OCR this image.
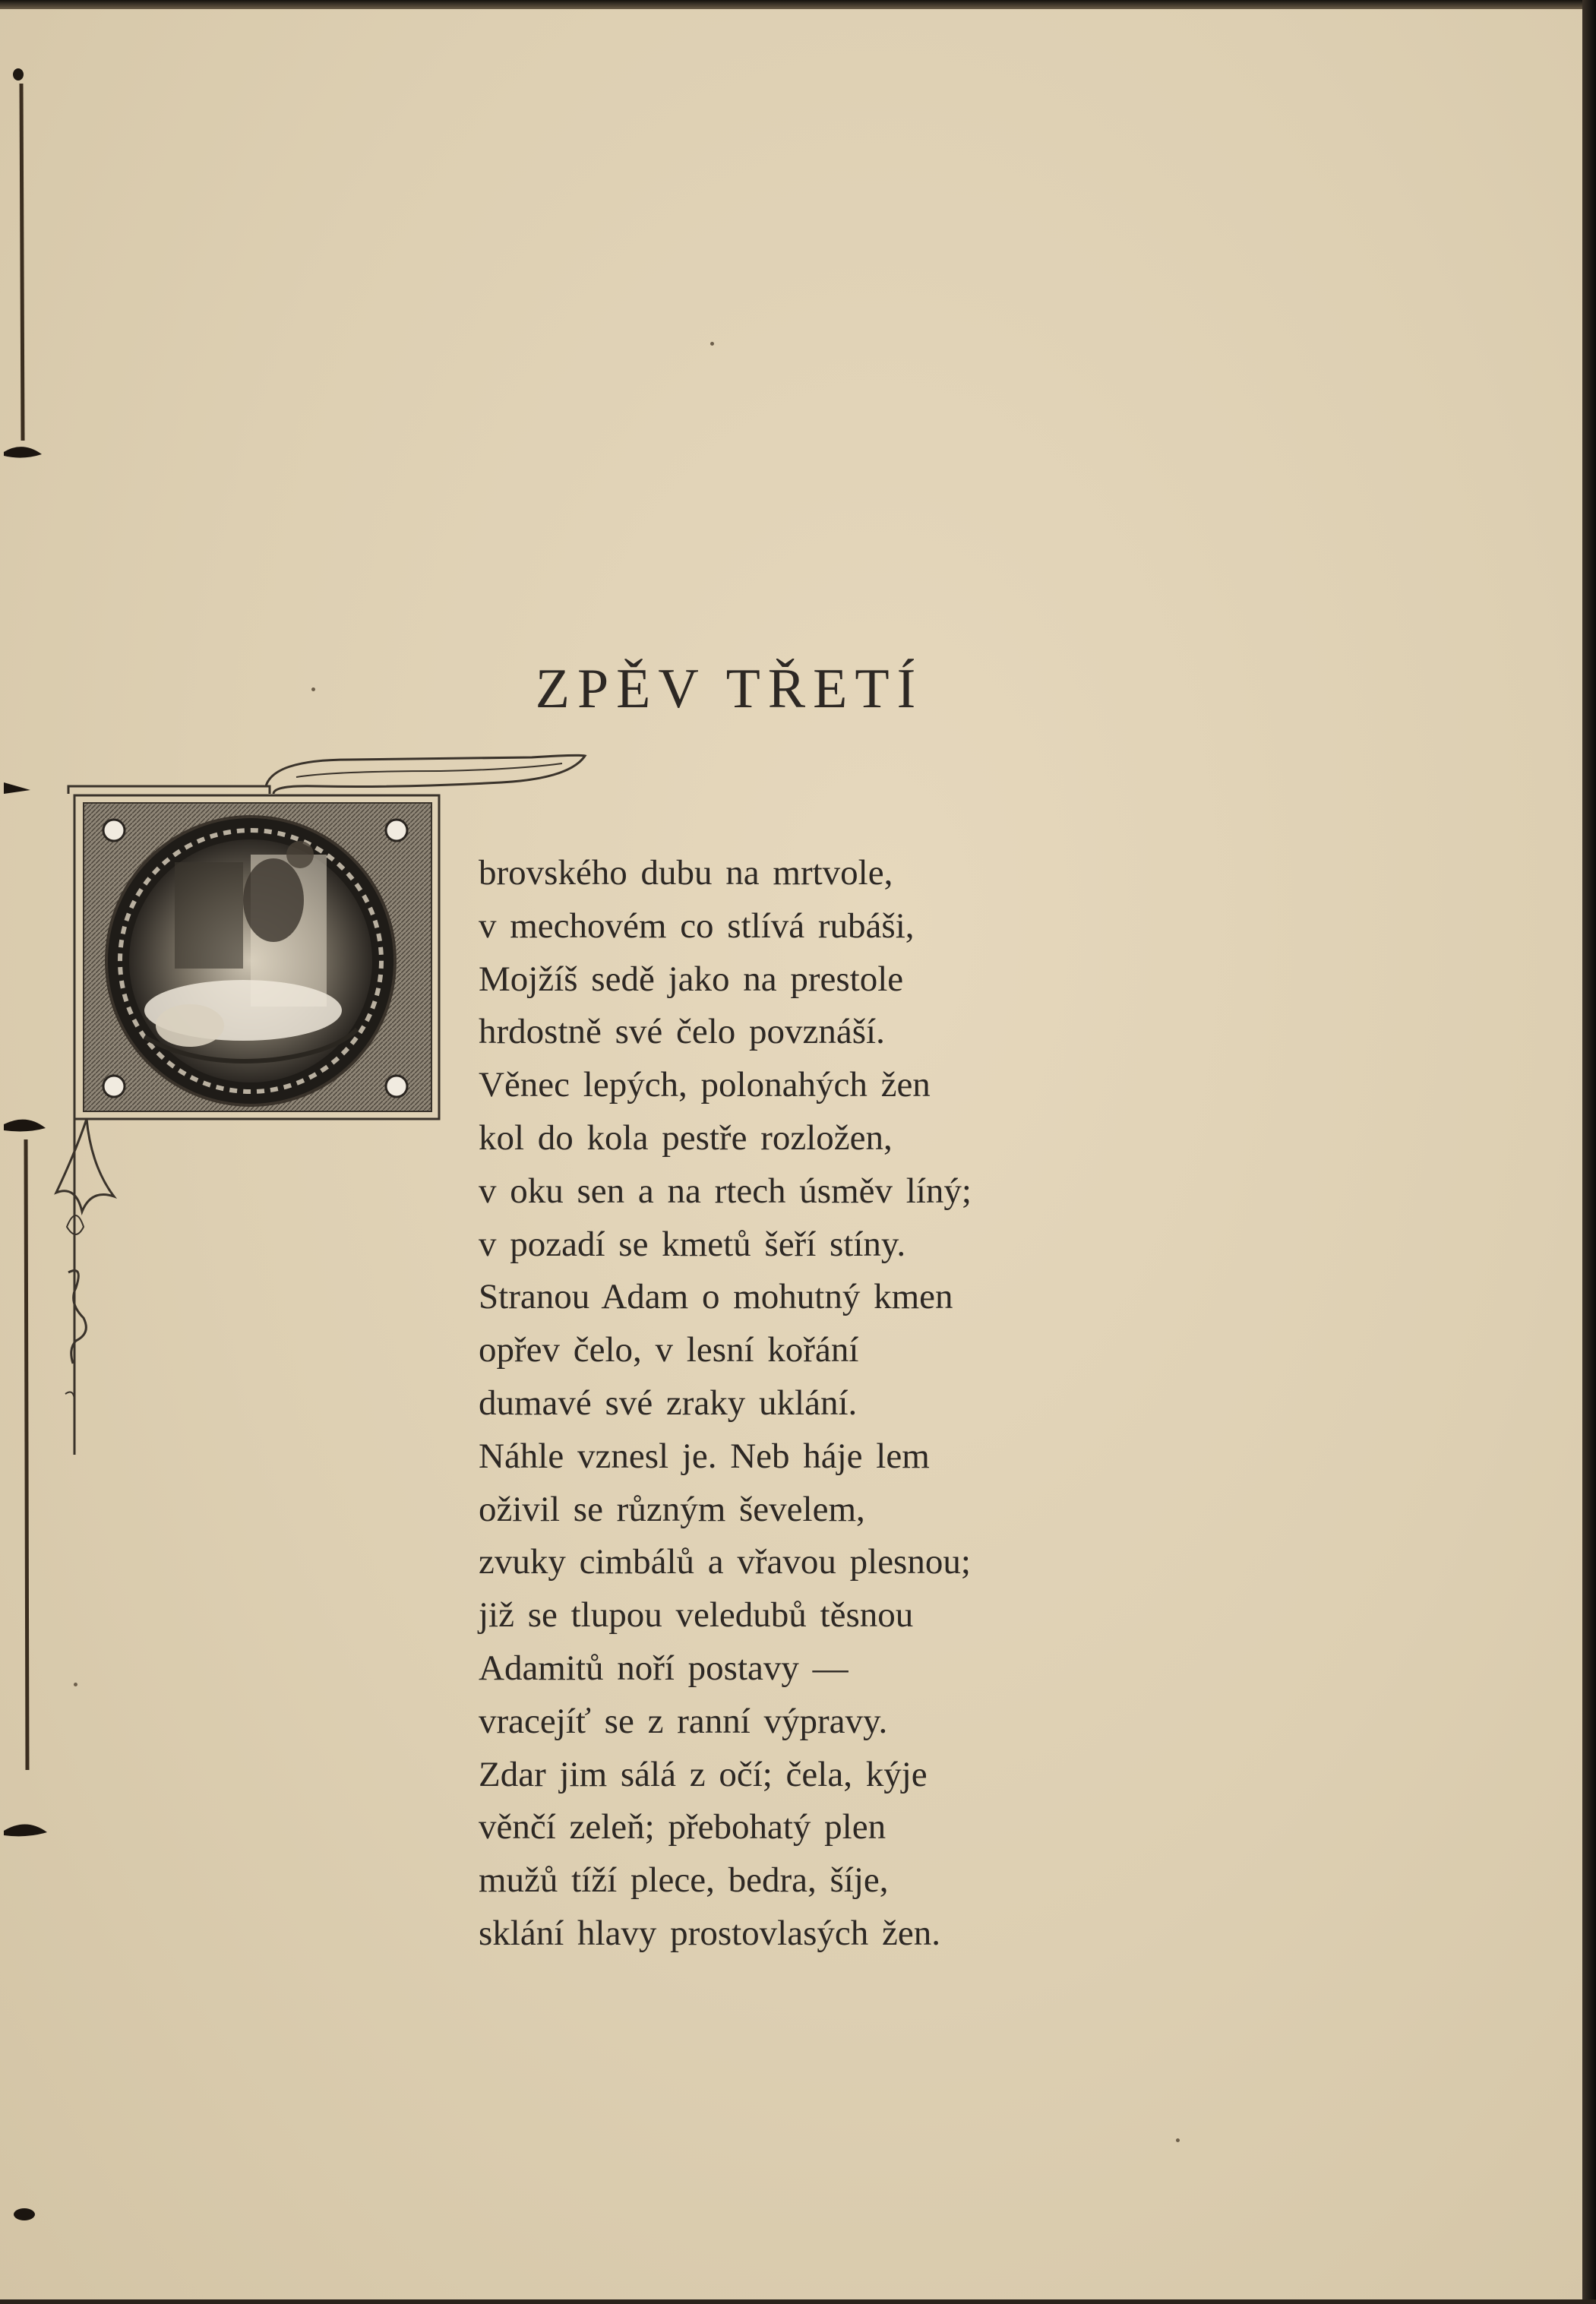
ZPĚV TŘETÍ
brovského dubu na mrtvole,
v mechovém co stlívá rubáši,
Mojžíš sedě jako na prestole
hrdostně své čelo povznáší.
Věnec lepých, polonahých žen
kol do kola pestře rozložen,
v oku sen a na rtech úsměv líný;
v pozadí se kmetů šeří stíny.
Stranou Adam o mohutný kmen
opřev čelo, v lesní kořání
dumavé své zraky uklání.
Náhle vznesl je. Neb háje lem
oživil se různým ševelem,
zvuky cimbálů a vřavou plesnou;
již se tlupou veledubů těsnou
Adamitů noří postavy —
vracejíť se z ranní výpravy.
Zdar jim sálá z očí; čela, kýje
věnčí zeleň; přebohatý plen
mužů tíží plece, bedra, šíje,
sklání hlavy prostovlasých žen.
